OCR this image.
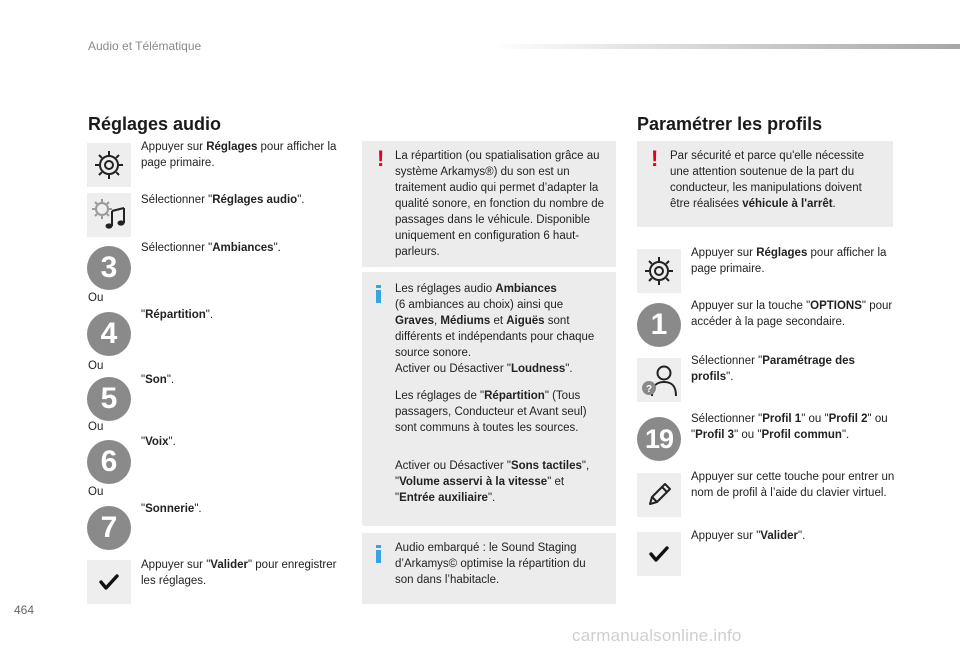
Audio et Télématique
Réglages audio
Appuyer sur Réglages pour afficher la page primaire.
Sélectionner "Réglages audio".
3
Sélectionner "Ambiances".
Ou
4
"Répartition".
Ou
5
"Son".
Ou
6
"Voix".
Ou
7
"Sonnerie".
Appuyer sur "Valider" pour enregistrer les réglages.
! La répartition (ou spatialisation grâce au système Arkamys®) du son est un traitement audio qui permet d’adapter la qualité sonore, en fonction du nombre de passages dans le véhicule. Disponible uniquement en configuration 6 haut-parleurs.
Les réglages audio Ambiances
(6 ambiances au choix) ainsi que Graves, Médiums et Aiguës sont différents et indépendants pour chaque source sonore.
Activer ou Désactiver "Loudness".
Les réglages de "Répartition" (Tous passagers, Conducteur et Avant seul) sont communs à toutes les sources.
Activer ou Désactiver "Sons tactiles", "Volume asservi à la vitesse" et "Entrée auxiliaire".
Audio embarqué : le Sound Staging d’Arkamys© optimise la répartition du son dans l’habitacle.
Paramétrer les profils
! Par sécurité et parce qu'elle nécessite une attention soutenue de la part du conducteur, les manipulations doivent être réalisées véhicule à l'arrêt.
Appuyer sur Réglages pour afficher la page primaire.
1
Appuyer sur la touche "OPTIONS" pour accéder à la page secondaire.
?
Sélectionner "Paramétrage des profils".
19
Sélectionner "Profil 1" ou "Profil 2" ou "Profil 3" ou "Profil commun".
Appuyer sur cette touche pour entrer un nom de profil à l’aide du clavier virtuel.
Appuyer sur "Valider".
464
carmanualsonline.info
